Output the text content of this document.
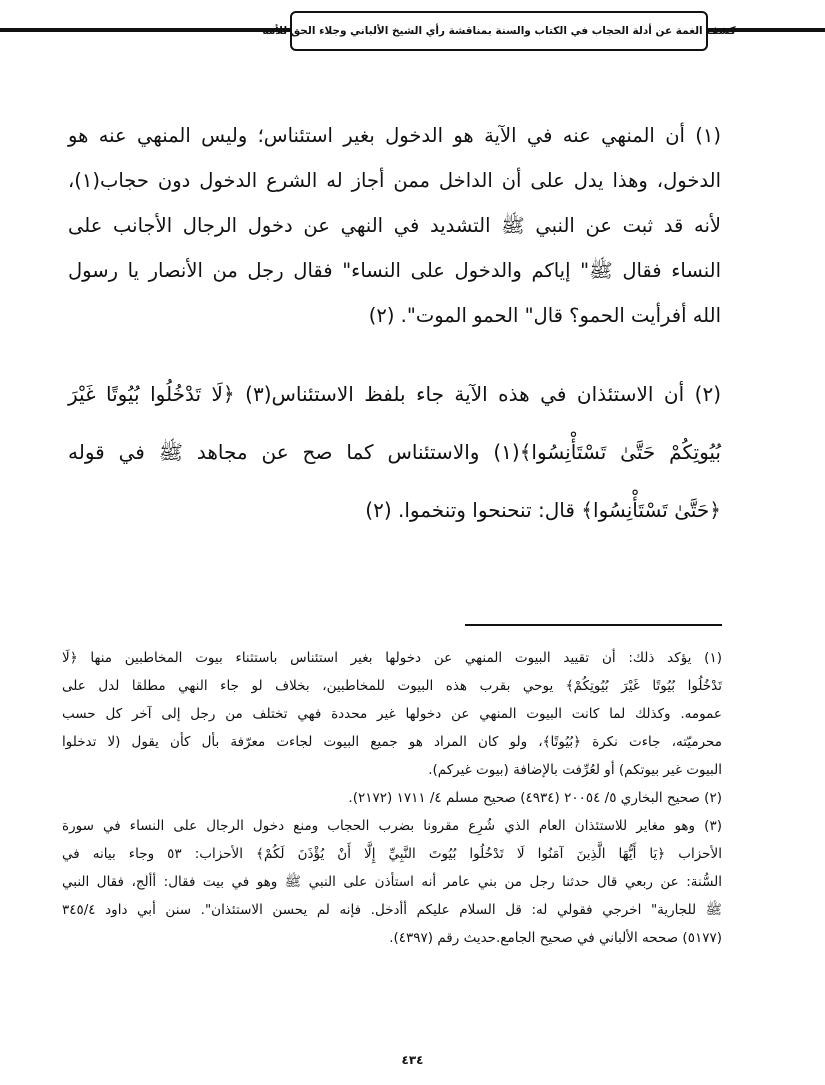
كشف الغمة عن أدلة الحجاب في الكتاب والسنة بمناقشة رأي الشيخ الألباني وجلاء الحق للأمة
(١) أن المنهي عنه في الآية هو الدخول بغير استئناس؛ وليس المنهي عنه هو
الدخول، وهذا يدل على أن الداخل ممن أجاز له الشرع الدخول دون حجاب(١)،
لأنه قد ثبت عن النبي ﷺ التشديد في النهي عن دخول الرجال الأجانب على
النساء فقال ﷺ" إياكم والدخول على النساء" فقال رجل من الأنصار يا رسول
الله أفرأيت الحمو؟ قال" الحمو الموت". (٢)
(٢) أن الاستئذان في هذه الآية جاء بلفظ الاستئناس(٣) ﴿لَا تَدْخُلُوا بُيُوتًا غَيْرَ
بُيُوتِكُمْ حَتَّىٰ تَسْتَأْنِسُوا﴾(١) والاستئناس كما صح عن مجاهد ﷺ في قوله
﴿حَتَّىٰ تَسْتَأْنِسُوا﴾ قال: تنحنحوا وتنخموا. (٢)
(١) يؤكد ذلك: أن تقييد البيوت المنهي عن دخولها بغير استئناس باستثناء بيوت المخاطبين منها ﴿لَا
تَدْخُلُوا بُيُوتًا غَيْرَ بُيُوتِكُمْ﴾ يوحي بقرب هذه البيوت للمخاطبين، بخلاف لو جاء النهي مطلقا لدل على
عمومه. وكذلك لما كانت البيوت المنهي عن دخولها غير محددة فهي تختلف من رجل إلى آخر كل حسب
محرميّته، جاءت نكرة ﴿بُيُوتًا﴾، ولو كان المراد هو جميع البيوت لجاءت معرّفة بأل كأن يقول (لا تدخلوا
البيوت غير بيوتكم) أو لعُرِّفت بالإضافة (بيوت غيركم).
(٢) صحيح البخاري ٥/ ٢٠٠٥٤ (٤٩٣٤) صحيح مسلم ٤/ ١٧١١ (٢١٧٢).
(٣) وهو مغاير للاستئذان العام الذي شُرِع مقرونا بضرب الحجاب ومنع دخول الرجال على النساء في سورة
الأحزاب ﴿يَا أَيُّهَا الَّذِينَ آمَنُوا لَا تَدْخُلُوا بُيُوتَ النَّبِيِّ إِلَّا أَنْ يُؤْذَنَ لَكُمْ﴾ الأحزاب: ٥٣ وجاء بيانه في
السُّنة: عن ربعي قال حدثنا رجل من بني عامر أنه استأذن على النبي ﷺ وهو في بيت فقال: أألج، فقال النبي
ﷺ للجارية" اخرجي فقولي له: قل السلام عليكم أأدخل. فإنه لم يحسن الاستئذان". سنن أبي داود ٣٤٥/٤
(٥١٧٧) صححه الألباني في صحيح الجامع.حديث رقم (٤٣٩٧).
٤٣٤
